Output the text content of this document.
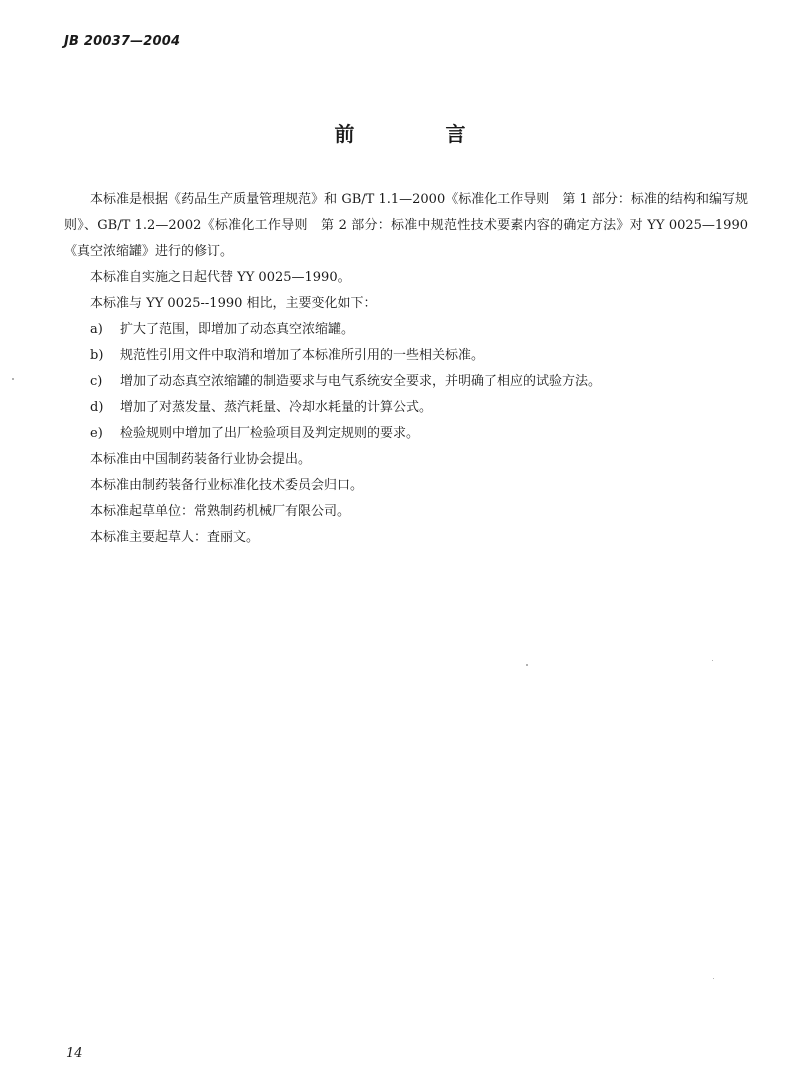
JB 20037—2004
前 言

本标准是根据《药品生产质量管理规范》和 GB/T 1.1—2000《标准化工作导则　第 1 部分：标准的结构和编写规则》、GB/T 1.2—2002《标准化工作导则　第 2 部分：标准中规范性技术要素内容的确定方法》对 YY 0025—1990《真空浓缩罐》进行的修订。

本标准自实施之日起代替 YY 0025—1990。

本标准与 YY 0025--1990 相比，主要变化如下：

a)	扩大了范围，即增加了动态真空浓缩罐。
b)	规范性引用文件中取消和增加了本标准所引用的一些相关标准。
c)	增加了动态真空浓缩罐的制造要求与电气系统安全要求，并明确了相应的试验方法。
d)	增加了对蒸发量、蒸汽耗量、冷却水耗量的计算公式。
e)	检验规则中增加了出厂检验项目及判定规则的要求。

本标准由中国制药装备行业协会提出。

本标准由制药装备行业标准化技术委员会归口。

本标准起草单位：常熟制药机械厂有限公司。

本标准主要起草人：査丽文。

14
